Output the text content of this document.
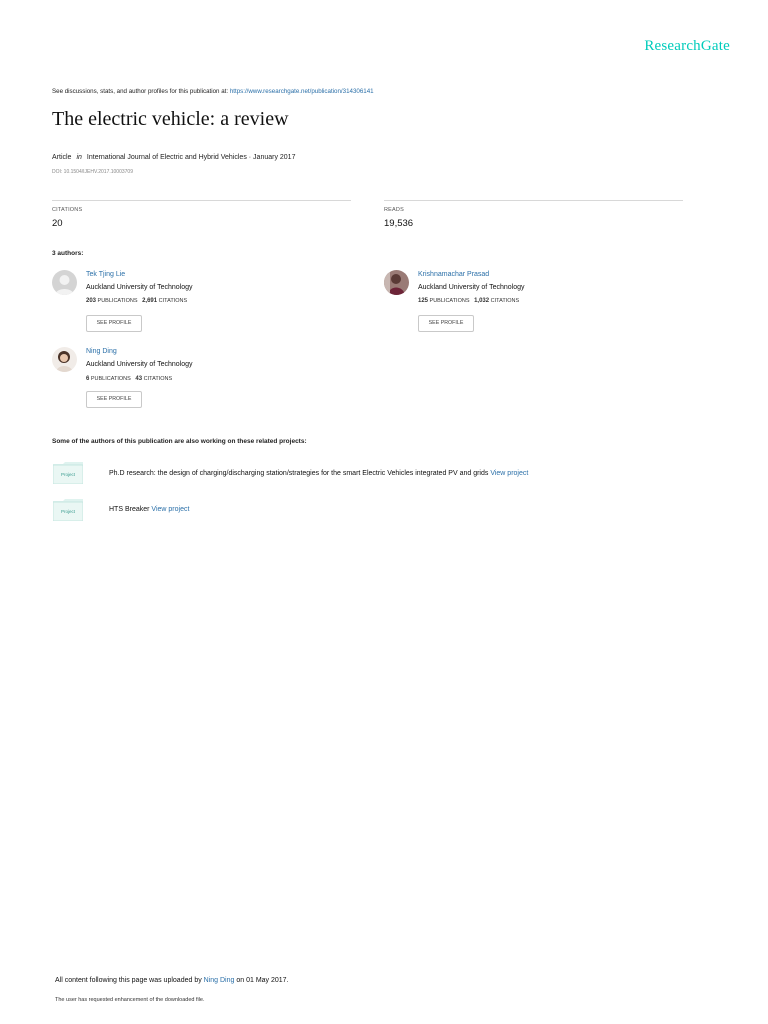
ResearchGate
See discussions, stats, and author profiles for this publication at: https://www.researchgate.net/publication/314306141
The electric vehicle: a review
Article in International Journal of Electric and Hybrid Vehicles · January 2017
DOI: 10.1504/IJEHV.2017.10003709
CITATIONS
20
READS
19,536
3 authors:
Tek Tjing Lie
Auckland University of Technology
203 PUBLICATIONS 2,691 CITATIONS
SEE PROFILE
Krishnamachar Prasad
Auckland University of Technology
125 PUBLICATIONS 1,032 CITATIONS
SEE PROFILE
Ning Ding
Auckland University of Technology
6 PUBLICATIONS 43 CITATIONS
SEE PROFILE
Some of the authors of this publication are also working on these related projects:
Project	Ph.D research: the design of charging/discharging station/strategies for the smart Electric Vehicles integrated PV and grids View project
Project	HTS Breaker View project
All content following this page was uploaded by Ning Ding on 01 May 2017.
The user has requested enhancement of the downloaded file.
